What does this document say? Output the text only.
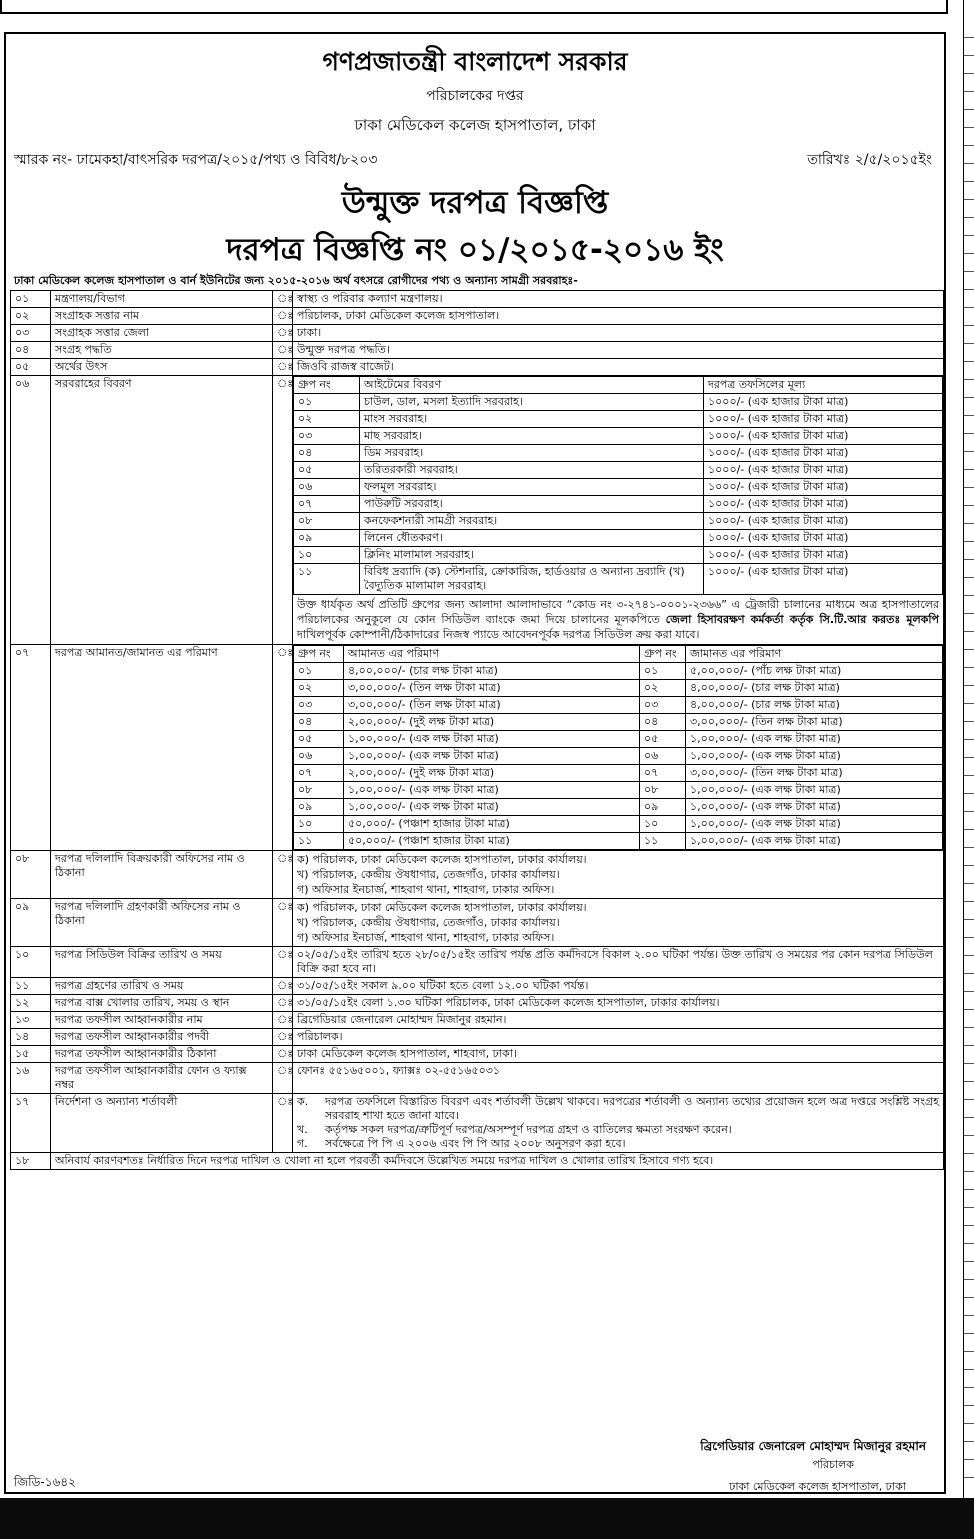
গণপ্রজাতন্ত্রী বাংলাদেশ সরকার
পরিচালকের দপ্তর
ঢাকা মেডিকেল কলেজ হাসপাতাল, ঢাকা
স্মারক নং- ঢামেকহা/বাৎসরিক দরপত্র/২০১৫/পথ্য ও বিবিধ/৮২০৩	তারিখঃ ২/৫/২০১৫ইং
উন্মুক্ত দরপত্র বিজ্ঞপ্তি
দরপত্র বিজ্ঞপ্তি নং ০১/২০১৫-২০১৬ ইং
ঢাকা মেডিকেল কলেজ হাসপাতাল ও বার্ন ইউনিটের জন্য ২০১৫-২০১৬ অর্থ বৎসরে রোগীদের পথ্য ও অন্যান্য সামগ্রী সরবরাহঃ-
০১	মন্ত্রণালয়/বিভাগ	ঃ	স্বাস্থ্য ও পরিবার কল্যাণ মন্ত্রণালয়।
০২	সংগ্রাহক সত্তার নাম	ঃ	পরিচালক, ঢাকা মেডিকেল কলেজ হাসপাতাল।
০৩	সংগ্রাহক সত্তার জেলা	ঃ	ঢাকা।
০৪	সংগ্রহ পদ্ধতি	ঃ	উন্মুক্ত দরপত্র পদ্ধতি।
০৫	অর্থের উৎস	ঃ	জিওবি রাজস্ব বাজেট।
০৬	সরবরাহের বিবরণ	ঃ	গ্রুপ নং	আইটেমের বিবরণ	দরপত্র তফসিলের মূল্য
০১	চাউল, ডাল, মসলা ইত্যাদি সরবরাহ।	১০০০/- (এক হাজার টাকা মাত্র)
০২	মাংস সরবরাহ।	১০০০/- (এক হাজার টাকা মাত্র)
০৩	মাছ সরবরাহ।	১০০০/- (এক হাজার টাকা মাত্র)
০৪	ডিম সরবরাহ।	১০০০/- (এক হাজার টাকা মাত্র)
০৫	তরিতরকারী সরবরাহ।	১০০০/- (এক হাজার টাকা মাত্র)
০৬	ফলমূল সরবরাহ।	১০০০/- (এক হাজার টাকা মাত্র)
০৭	পাউরুটি সরবরাহ।	১০০০/- (এক হাজার টাকা মাত্র)
০৮	কনফেকশনারী সামগ্রী সরবরাহ।	১০০০/- (এক হাজার টাকা মাত্র)
০৯	লিনেন ধৌতকরণ।	১০০০/- (এক হাজার টাকা মাত্র)
১০	ক্লিনিং মালামাল সরবরাহ।	১০০০/- (এক হাজার টাকা মাত্র)
১১	বিবিধ দ্রব্যাদি (ক) স্টেশনারি, ক্রোকারিজ, হার্ডওয়ার ও অন্যান্য দ্রব্যাদি (খ) বৈদ্যুতিক মালামাল সরবরাহ।	১০০০/- (এক হাজার টাকা মাত্র)
উক্ত ধার্যকৃত অর্থ প্রতিটি গ্রুপের জন্য আলাদা আলাদাভাবে “কোড নং ৩-২৭৪১-০০০১-২৩৬৬” এ ট্রেজারী চালানের মাধ্যমে অত্র হাসপাতালের পরিচালকের অনুকূলে যে কোন সিডিউল ব্যাংকে জমা দিয়ে চালানের মূলকপিতে জেলা হিসাবরক্ষণ কর্মকর্তা কর্তৃক সি.টি.আর করতঃ মূলকপি দাখিলপূর্বক কোম্পানী/ঠিকাদারের নিজস্ব প্যাডে আবেদনপূর্বক দরপত্র সিডিউল ক্রয় করা যাবে।

০৭	দরপত্র আমানত/জামানত এর পরিমাণ	ঃ	গ্রুপ নং	আমানত এর পরিমাণ	গ্রুপ নং	জামানত এর পরিমাণ
০১	৪,০০,০০০/- (চার লক্ষ টাকা মাত্র)	০১	৫,০০,০০০/- (পাঁচ লক্ষ টাকা মাত্র)
০২	৩,০০,০০০/- (তিন লক্ষ টাকা মাত্র)	০২	৪,০০,০০০/- (চার লক্ষ টাকা মাত্র)
০৩	৩,০০,০০০/- (তিন লক্ষ টাকা মাত্র)	০৩	৪,০০,০০০/- (চার লক্ষ টাকা মাত্র)
০৪	২,০০,০০০/- (দুই লক্ষ টাকা মাত্র)	০৪	৩,০০,০০০/- (তিন লক্ষ টাকা মাত্র)
০৫	১,০০,০০০/- (এক লক্ষ টাকা মাত্র)	০৫	১,০০,০০০/- (এক লক্ষ টাকা মাত্র)
০৬	১,০০,০০০/- (এক লক্ষ টাকা মাত্র)	০৬	১,০০,০০০/- (এক লক্ষ টাকা মাত্র)
০৭	২,০০,০০০/- (দুই লক্ষ টাকা মাত্র)	০৭	৩,০০,০০০/- (তিন লক্ষ টাকা মাত্র)
০৮	১,০০,০০০/- (এক লক্ষ টাকা মাত্র)	০৮	১,০০,০০০/- (এক লক্ষ টাকা মাত্র)
০৯	১,০০,০০০/- (এক লক্ষ টাকা মাত্র)	০৯	১,০০,০০০/- (এক লক্ষ টাকা মাত্র)
১০	৫০,০০০/- (পঞ্চাশ হাজার টাকা মাত্র)	১০	১,০০,০০০/- (এক লক্ষ টাকা মাত্র)
১১	৫০,০০০/- (পঞ্চাশ হাজার টাকা মাত্র)	১১	১,০০,০০০/- (এক লক্ষ টাকা মাত্র)

০৮	দরপত্র দলিলাদি বিক্রয়কারী অফিসের নাম ও ঠিকানা	ঃ	ক) পরিচালক, ঢাকা মেডিকেল কলেজ হাসপাতাল, ঢাকার কার্যালয়।
খ) পরিচালক, কেন্দ্রীয় ঔষধাগার, তেজগাঁও, ঢাকার কার্যালয়।
গ) অফিসার ইনচার্জ, শাহবাগ থানা, শাহবাগ, ঢাকার অফিস।

০৯	দরপত্র দলিলাদি গ্রহণকারী অফিসের নাম ও ঠিকানা	ঃ	ক) পরিচালক, ঢাকা মেডিকেল কলেজ হাসপাতাল, ঢাকার কার্যালয়।
খ) পরিচালক, কেন্দ্রীয় ঔষধাগার, তেজগাঁও, ঢাকার কার্যালয়।
গ) অফিসার ইনচার্জ, শাহবাগ থানা, শাহবাগ, ঢাকার অফিস।

১০	দরপত্র সিডিউল বিক্রির তারিখ ও সময়	ঃ	০২/০৫/১৫ইং তারিখ হতে ২৮/০৫/১৫ইং তারিখ পর্যন্ত প্রতি কর্মদিবসে বিকাল ২.০০ ঘটিকা পর্যন্ত। উক্ত তারিখ ও সময়ের পর কোন দরপত্র সিডিউল বিক্রি করা হবে না।
১১	দরপত্র গ্রহণের তারিখ ও সময়	ঃ	৩১/০৫/১৫ইং সকাল ৯.০০ ঘটিকা হতে বেলা ১২.০০ ঘটিকা পর্যন্ত।
১২	দরপত্র বাক্স খোলার তারিখ, সময় ও স্থান	ঃ	৩১/০৫/১৫ইং বেলা ১.৩০ ঘটিকা পরিচালক, ঢাকা মেডিকেল কলেজ হাসপাতাল, ঢাকার কার্যালয়।
১৩	দরপত্র তফসীল আহ্বানকারীর নাম	ঃ	ব্রিগেডিয়ার জেনারেল মোহাম্মদ মিজানুর রহমান।
১৪	দরপত্র তফসীল আহ্বানকারীর পদবী	ঃ	পরিচালক।
১৫	দরপত্র তফসীল আহ্বানকারীর ঠিকানা	ঃ	ঢাকা মেডিকেল কলেজ হাসপাতাল, শাহবাগ, ঢাকা।
১৬	দরপত্র তফসীল আহ্বানকারীর ফোন ও ফ্যাক্স নম্বর	ঃ	ফোনঃ ৫৫১৬৫০০১, ফ্যাক্সঃ ০২-৫৫১৬৫০৩১
১৭	নির্দেশনা ও অন্যান্য শর্তাবলী	ঃ	ক.	দরপত্র তফসিলে বিস্তারিত বিবরণ এবং শর্তাবলী উল্লেখ থাকবে। দরপত্রের শর্তাবলী ও অন্যান্য তথ্যের প্রয়োজন হলে অত্র দপ্তরে সংশ্লিষ্ট সংগ্রহ সরবরাহ শাখা হতে জানা যাবে।
খ.	কর্তৃপক্ষ সকল দরপত্র/ত্রুটিপূর্ণ দরপত্র/অসম্পূর্ণ দরপত্র গ্রহণ ও বাতিলের ক্ষমতা সংরক্ষণ করেন।
গ.	সর্বক্ষেত্রে পি পি এ ২০০৬ এবং পি পি আর ২০০৮ অনুসরণ করা হবে।

১৮	অনিবার্য কারণবশতঃ নির্ধারিত দিনে দরপত্র দাখিল ও খোলা না হলে পরবর্তী কর্মদিবসে উল্লেখিত সময়ে দরপত্র দাখিল ও খোলার তারিখ হিসাবে গণ্য হবে।
ব্রিগেডিয়ার জেনারেল মোহাম্মদ মিজানুর রহমান
পরিচালক
ঢাকা মেডিকেল কলেজ হাসপাতাল, ঢাকা
জিডি-১৬৪২
